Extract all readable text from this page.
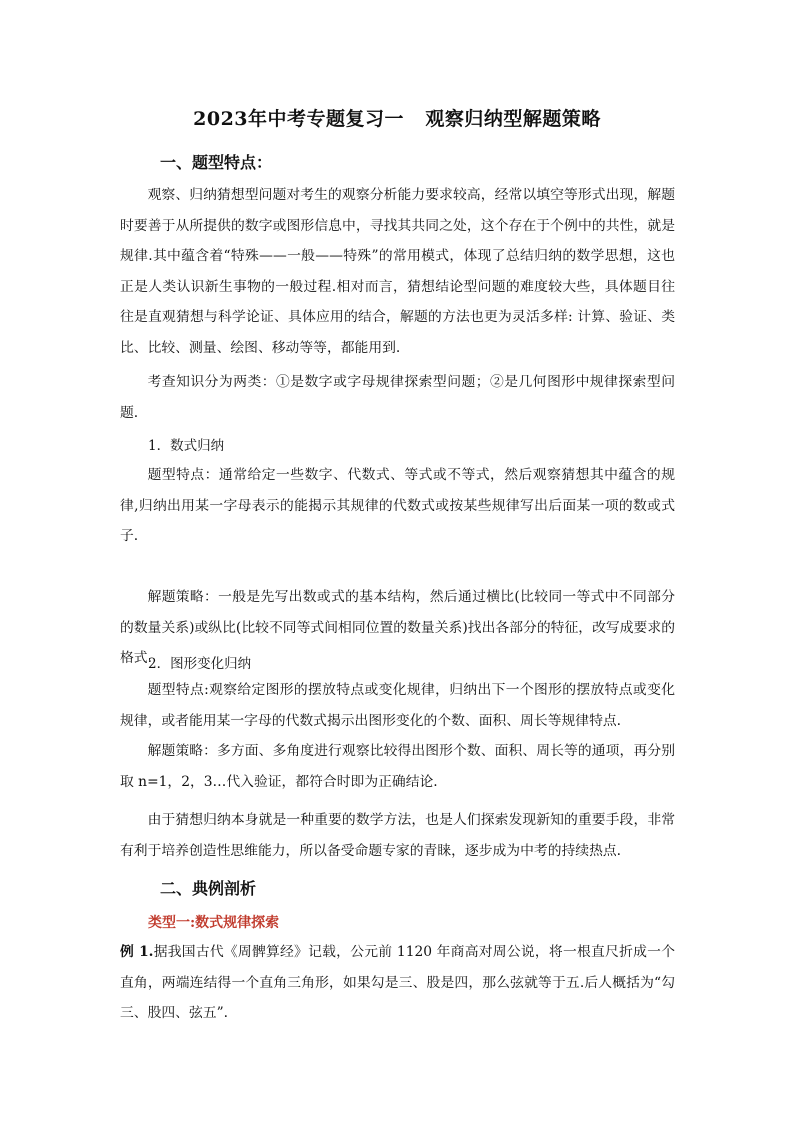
2023年中考专题复习一   观察归纳型解题策略
一、题型特点：

观察、归纳猜想型问题对考生的观察分析能力要求较高，经常以填空等形式出现，解题时要善于从所提供的数字或图形信息中，寻找其共同之处，这个存在于个例中的共性，就是规律.其中蕴含着“特殊——一般——特殊”的常用模式，体现了总结归纳的数学思想，这也正是人类认识新生事物的一般过程.相对而言，猜想结论型问题的难度较大些，具体题目往往是直观猜想与科学论证、具体应用的结合，解题的方法也更为灵活多样: 计算、验证、类比、比较、测量、绘图、移动等等，都能用到.

考查知识分为两类：①是数字或字母规律探索型问题；②是几何图形中规律探索型问题.

1．数式归纳

题型特点：通常给定一些数字、代数式、等式或不等式，然后观察猜想其中蕴含的规律,归纳出用某一字母表示的能揭示其规律的代数式或按某些规律写出后面某一项的数或式子.

解题策略：一般是先写出数或式的基本结构，然后通过横比(比较同一等式中不同部分的数量关系)或纵比(比较不同等式间相同位置的数量关系)找出各部分的特征，改写成要求的格式.

2．图形变化归纳

题型特点:观察给定图形的摆放特点或变化规律，归纳出下一个图形的摆放特点或变化规律，或者能用某一字母的代数式揭示出图形变化的个数、面积、周长等规律特点.

解题策略：多方面、多角度进行观察比较得出图形个数、面积、周长等的通项，再分别取 n=1，2，3…代入验证，都符合时即为正确结论.

由于猜想归纳本身就是一种重要的数学方法，也是人们探索发现新知的重要手段，非常有利于培养创造性思维能力，所以备受命题专家的青睐，逐步成为中考的持续热点.

二、典例剖析
类型一:数式规律探索

例 1.据我国古代《周髀算经》记载，公元前 1120 年商高对周公说，将一根直尺折成一个直角，两端连结得一个直角三角形，如果勾是三、股是四，那么弦就等于五.后人概括为“勾三、股四、弦五”.
